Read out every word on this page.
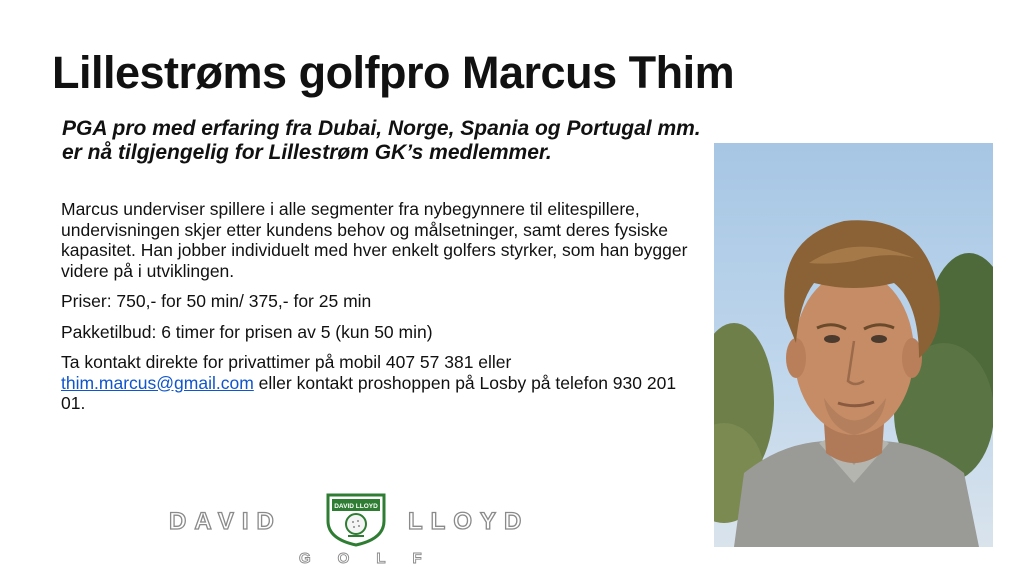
Lillestrøms golfpro Marcus Thim
PGA pro med erfaring fra Dubai, Norge, Spania og Portugal mm. er nå tilgjengelig for Lillestrøm GK’s medlemmer.

Marcus underviser spillere i alle segmenter fra nybegynnere til elitespillere, undervisningen skjer etter kundens behov og målsetninger, samt deres fysiske kapasitet. Han jobber individuelt med hver enkelt golfers styrker, som han bygger videre på i utviklingen.

Priser: 750,- for 50 min/ 375,- for 25 min

Pakketilbud: 6 timer for prisen av 5 (kun 50 min)

Ta kontakt direkte for privattimer på mobil 407 57 381 eller thim.marcus@gmail.com eller kontakt proshoppen på Losby på telefon 930 201 01.

DAVID
DAVID LLOYD
LLOYD
GOLF
